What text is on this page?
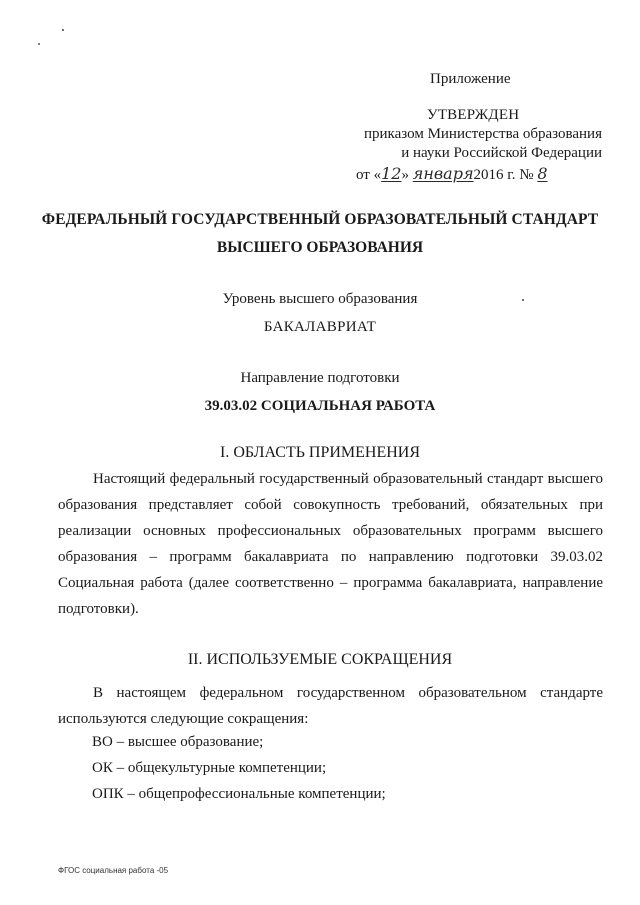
Приложение
УТВЕРЖДЕН
приказом Министерства образования
и науки Российской Федерации
от «12» января2016 г. № 8
ФЕДЕРАЛЬНЫЙ ГОСУДАРСТВЕННЫЙ ОБРАЗОВАТЕЛЬНЫЙ СТАНДАРТ
ВЫСШЕГО ОБРАЗОВАНИЯ
Уровень высшего образования
БАКАЛАВРИАТ
Направление подготовки
39.03.02 СОЦИАЛЬНАЯ РАБОТА
I. ОБЛАСТЬ ПРИМЕНЕНИЯ
Настоящий федеральный государственный образовательный стандарт высшего образования представляет собой совокупность требований, обязательных при реализации основных профессиональных образовательных программ высшего образования – программ бакалавриата по направлению подготовки 39.03.02 Социальная работа (далее соответственно – программа бакалавриата, направление подготовки).
II. ИСПОЛЬЗУЕМЫЕ СОКРАЩЕНИЯ
В настоящем федеральном государственном образовательном стандарте используются следующие сокращения:
ВО – высшее образование;
ОК – общекультурные компетенции;
ОПК – общепрофессиональные компетенции;
ФГОС социальная работа -05
